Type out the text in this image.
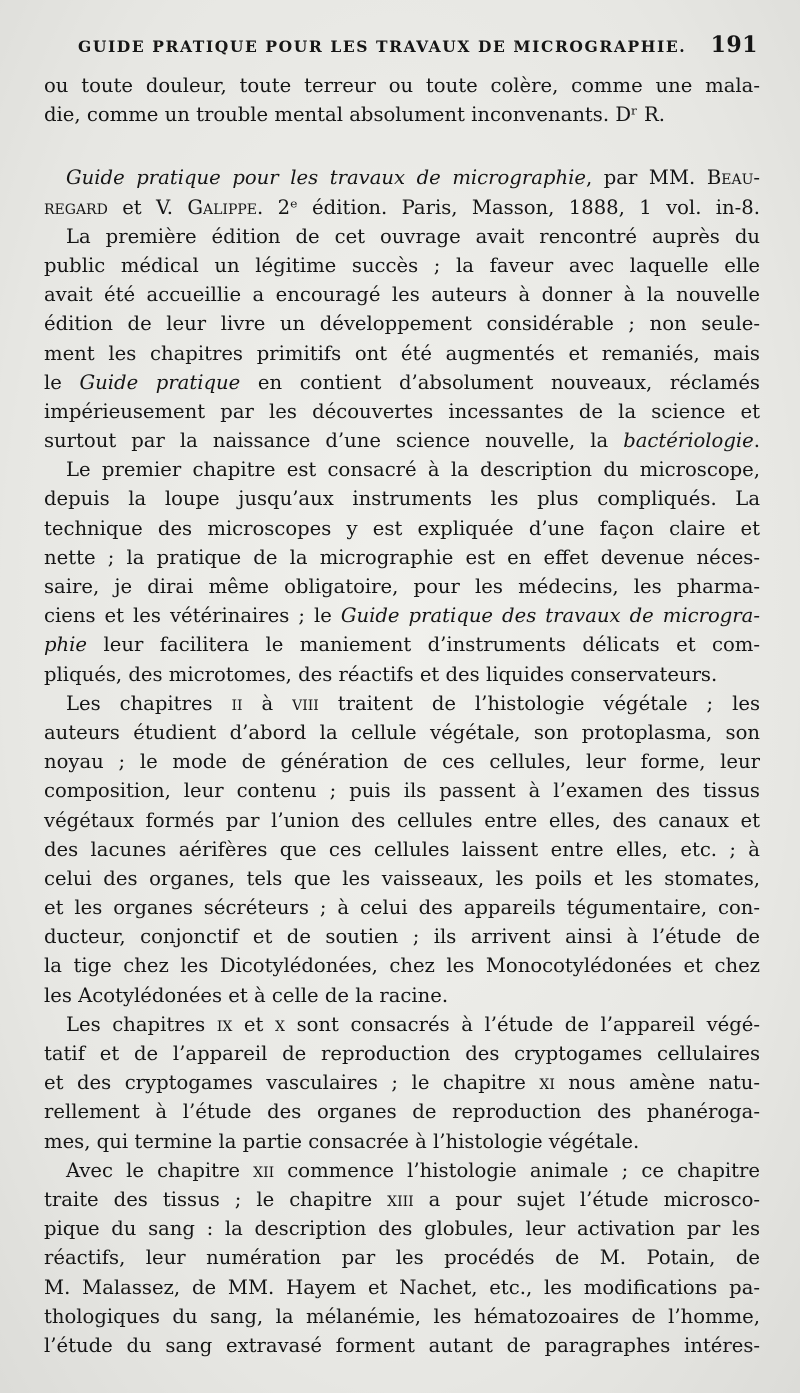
GUIDE PRATIQUE POUR LES TRAVAUX DE MICROGRAPHIE. 191
ou toute douleur, toute terreur ou toute colère, comme une mala-
die, comme un trouble mental absolument inconvenants. Dʳ R.
Guide pratique pour les travaux de micrographie, par MM. Beau-
regard et V. Galippe. 2ᵉ édition. Paris, Masson, 1888, 1 vol. in-8.
La première édition de cet ouvrage avait rencontré auprès du
public médical un légitime succès ; la faveur avec laquelle elle
avait été accueillie a encouragé les auteurs à donner à la nouvelle
édition de leur livre un développement considérable ; non seule-
ment les chapitres primitifs ont été augmentés et remaniés, mais
le Guide pratique en contient d’absolument nouveaux, réclamés
impérieusement par les découvertes incessantes de la science et
surtout par la naissance d’une science nouvelle, la bactériologie.
Le premier chapitre est consacré à la description du microscope,
depuis la loupe jusqu’aux instruments les plus compliqués. La
technique des microscopes y est expliquée d’une façon claire et
nette ; la pratique de la micrographie est en effet devenue néces-
saire, je dirai même obligatoire, pour les médecins, les pharma-
ciens et les vétérinaires ; le Guide pratique des travaux de microgra-
phie leur facilitera le maniement d’instruments délicats et com-
pliqués, des microtomes, des réactifs et des liquides conservateurs.
Les chapitres ii à viii traitent de l’histologie végétale ; les
auteurs étudient d’abord la cellule végétale, son protoplasma, son
noyau ; le mode de génération de ces cellules, leur forme, leur
composition, leur contenu ; puis ils passent à l’examen des tissus
végétaux formés par l’union des cellules entre elles, des canaux et
des lacunes aérifères que ces cellules laissent entre elles, etc. ; à
celui des organes, tels que les vaisseaux, les poils et les stomates,
et les organes sécréteurs ; à celui des appareils tégumentaire, con-
ducteur, conjonctif et de soutien ; ils arrivent ainsi à l’étude de
la tige chez les Dicotylédonées, chez les Monocotylédonées et chez
les Acotylédonées et à celle de la racine.
Les chapitres ix et x sont consacrés à l’étude de l’appareil végé-
tatif et de l’appareil de reproduction des cryptogames cellulaires
et des cryptogames vasculaires ; le chapitre xi nous amène natu-
rellement à l’étude des organes de reproduction des phanéroga-
mes, qui termine la partie consacrée à l’histologie végétale.
Avec le chapitre xii commence l’histologie animale ; ce chapitre
traite des tissus ; le chapitre xiii a pour sujet l’étude microsco-
pique du sang : la description des globules, leur activation par les
réactifs, leur numération par les procédés de M. Potain, de
M. Malassez, de MM. Hayem et Nachet, etc., les modifications pa-
thologiques du sang, la mélanémie, les hématozoaires de l’homme,
l’étude du sang extravasé forment autant de paragraphes intéres-
